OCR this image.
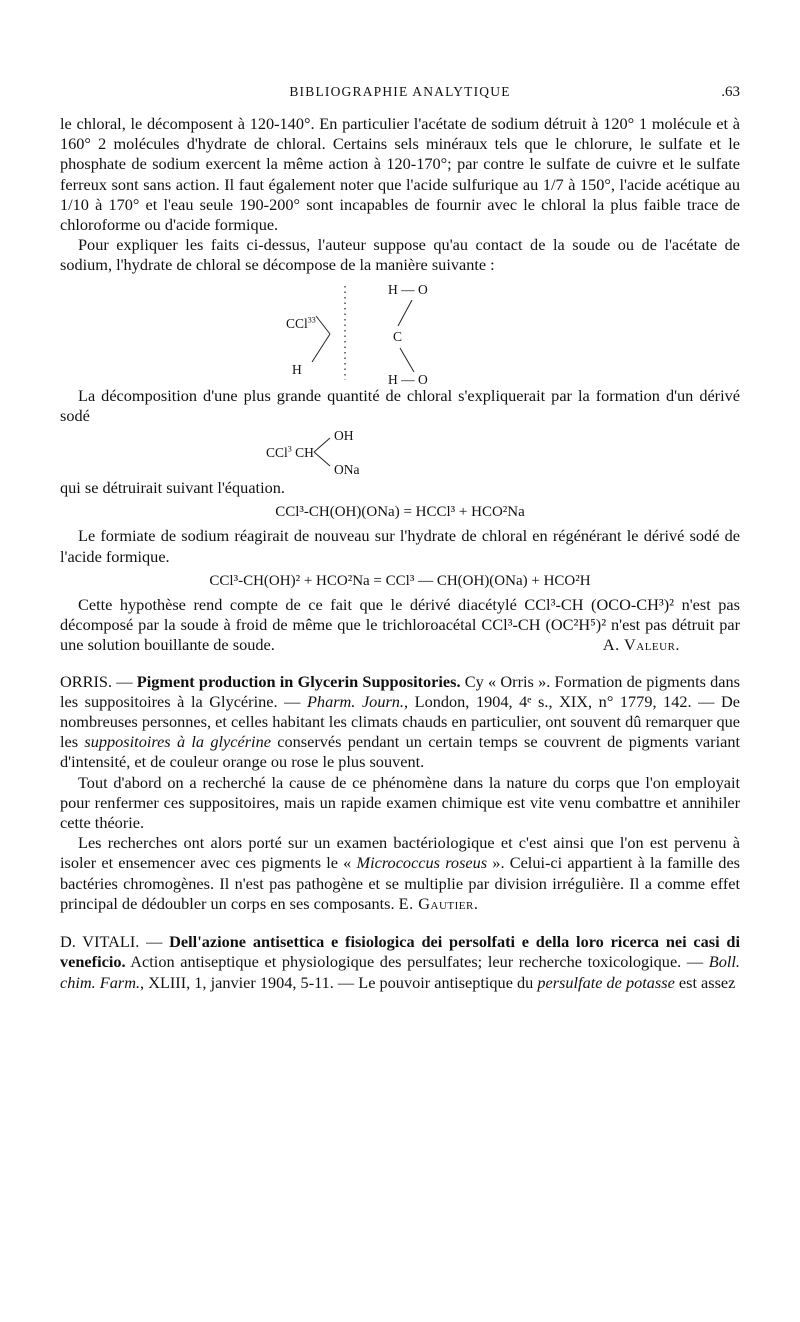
BIBLIOGRAPHIE ANALYTIQUE	.63

le chloral, le décomposent à 120-140°. En particulier l'acétate de sodium détruit à 120° 1 molécule et à 160° 2 molécules d'hydrate de chloral. Certains sels minéraux tels que le chlorure, le sulfate et le phosphate de sodium exercent la même action à 120-170°; par contre le sulfate de cuivre et le sulfate ferreux sont sans action. Il faut également noter que l'acide sulfurique au 1/7 à 150°, l'acide acétique au 1/10 à 170° et l'eau seule 190-200° sont incapables de fournir avec le chloral la plus faible trace de chloroforme ou d'acide formique.

Pour expliquer les faits ci-dessus, l'auteur suppose qu'au contact de la soude ou de l'acétate de sodium, l'hydrate de chloral se décompose de la manière suivante :

CCl$^{33}$
H
C
H — O
H — O

La décomposition d'une plus grande quantité de chloral s'expliquerait par la formation d'un dérivé sodé

CCl$^3$ CH
OH
ONa

qui se détruirait suivant l'équation.

CCl³-CH(OH)(ONa) = HCCl³ + HCO²Na

Le formiate de sodium réagirait de nouveau sur l'hydrate de chloral en régénérant le dérivé sodé de l'acide formique.

CCl³-CH(OH)² + HCO²Na = CCl³ — CH(OH)(ONa) + HCO²H

Cette hypothèse rend compte de ce fait que le dérivé diacétylé CCl³-CH (OCO-CH³)² n'est pas décomposé par la soude à froid de même que le trichloroacétal CCl³-CH (OC²H⁵)² n'est pas détruit par une solution bouillante de soude.	A. Valeur.

ORRIS. — Pigment production in Glycerin Suppositories. Cy « Orris ». Formation de pigments dans les suppositoires à la Glycérine. — Pharm. Journ., London, 1904, 4ᵉ s., XIX, n° 1779, 142. — De nombreuses personnes, et celles habitant les climats chauds en particulier, ont souvent dû remarquer que les suppositoires à la glycérine conservés pendant un certain temps se couvrent de pigments variant d'intensité, et de couleur orange ou rose le plus souvent.

Tout d'abord on a recherché la cause de ce phénomène dans la nature du corps que l'on employait pour renfermer ces suppositoires, mais un rapide examen chimique est vite venu combattre et annihiler cette théorie.

Les recherches ont alors porté sur un examen bactériologique et c'est ainsi que l'on est pervenu à isoler et ensemencer avec ces pigments le « Micrococcus roseus ». Celui-ci appartient à la famille des bactéries chromogènes. Il n'est pas pathogène et se multiplie par division irrégulière. Il a comme effet principal de dédoubler un corps en ses composants. E. Gautier.

D. VITALI. — Dell'azione antisettica e fisiologica dei persolfati e della loro ricerca nei casi di veneficio. Action antiseptique et physiologique des persulfates; leur recherche toxicologique. — Boll. chim. Farm., XLIII, 1, janvier 1904, 5-11. — Le pouvoir antiseptique du persulfate de potasse est assez
